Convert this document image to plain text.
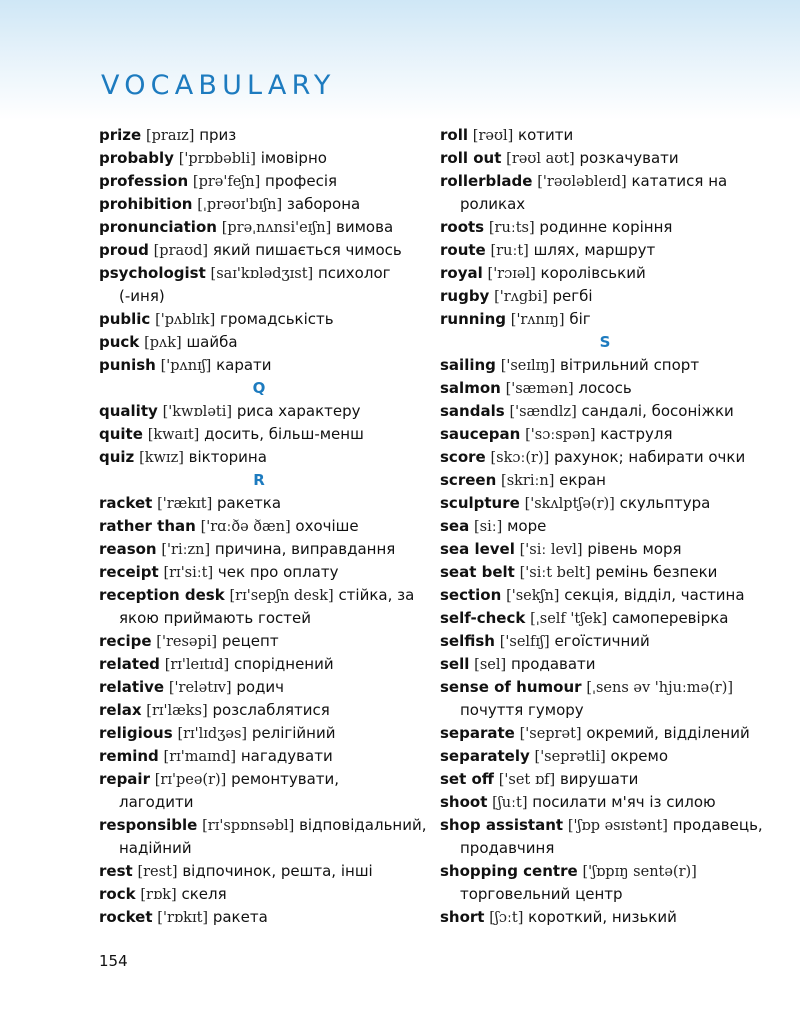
VOCABULARY
prize [praɪz] приз
probably ['prɒbəbli] імовірно
profession [prə'feʃn] професія
prohibition [ˌprəʊɪ'bɪʃn] заборона
pronunciation [prəˌnʌnsi'eɪʃn] вимова
proud [praʊd] який пишається чимось
psychologist [saɪ'kɒlədʒɪst] психолог
(-иня)
public ['pʌblɪk] громадськість
puck [pʌk] шайба
punish ['pʌnɪʃ] карати
Q
quality ['kwɒləti] риса характеру
quite [kwaɪt] досить, більш-менш
quiz [kwɪz] вікторина
R
racket ['rækɪt] ракетка
rather than ['rɑːðə ðæn] охочіше
reason ['riːzn] причина, виправдання
receipt [rɪ'siːt] чек про оплату
reception desk [rɪ'sepʃn desk] стійка, за
якою приймають гостей
recipe ['resəpi] рецепт
related [rɪ'leɪtɪd] споріднений
relative ['relətɪv] родич
relax [rɪ'læks] розслаблятися
religious [rɪ'lɪdʒəs] релігійний
remind [rɪ'maɪnd] нагадувати
repair [rɪ'peə(r)] ремонтувати,
лагодити
responsible [rɪ'spɒnsəbl] відповідальний,
надійний
rest [rest] відпочинок, решта, інші
rock [rɒk] скеля
rocket ['rɒkɪt] ракета
roll [rəʊl] котити
roll out [rəʊl aʊt] розкачувати
rollerblade ['rəʊləbleɪd] кататися на
роликах
roots [ruːts] родинне коріння
route [ruːt] шлях, маршрут
royal ['rɔɪəl] королівський
rugby ['rʌgbi] регбі
running ['rʌnɪŋ] біг
S
sailing ['seɪlɪŋ] вітрильний спорт
salmon ['sæmən] лосось
sandals ['sændlz] сандалі, босоніжки
saucepan ['sɔːspən] каструля
score [skɔː(r)] рахунок; набирати очки
screen [skriːn] екран
sculpture ['skʌlptʃə(r)] скульптура
sea [siː] море
sea level ['siː levl] рівень моря
seat belt ['siːt belt] ремінь безпеки
section ['sekʃn] секція, відділ, частина
self-check [ˌself 'tʃek] самоперевірка
selfish ['selfɪʃ] егоїстичний
sell [sel] продавати
sense of humour [ˌsens əv 'hjuːmə(r)]
почуття гумору
separate ['seprət] окремий, відділений
separately ['seprətli] окремо
set off ['set ɒf] вирушати
shoot [ʃuːt] посилати м'яч із силою
shop assistant ['ʃɒp əsɪstənt] продавець,
продавчиня
shopping centre ['ʃɒpɪŋ sentə(r)]
торговельний центр
short [ʃɔːt] короткий, низький
154
